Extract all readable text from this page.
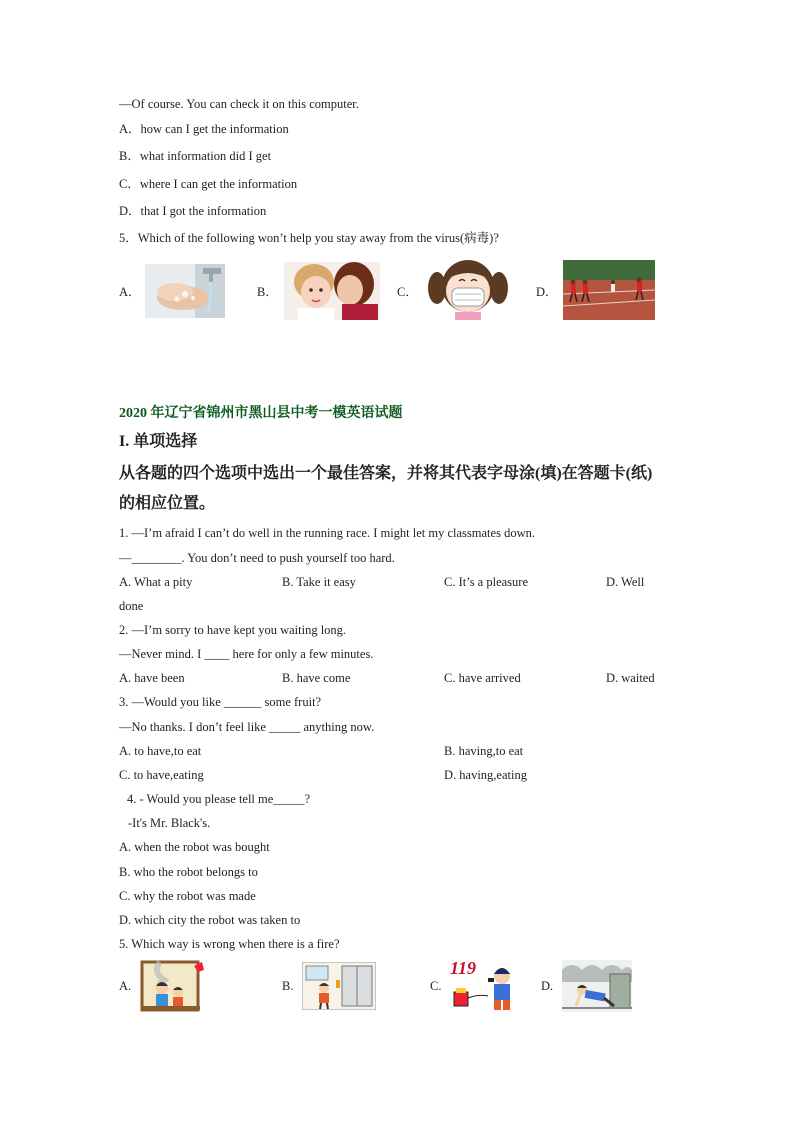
—Of course. You can check it on this computer.
A．how can I get the information
B．what information did I get
C．where I can get the information
D．that I got the information
5．Which of the following won’t help you stay away from the virus(病毒)?
A．	B．	C．	D．
2020 年辽宁省锦州市黑山县中考一模英语试题
I. 单项选择
从各题的四个选项中选出一个最佳答案，并将其代表字母涂(填)在答题卡(纸)
的相应位置。
1. —I’m afraid I can’t do well in the running race. I might let my classmates down.
—________. You don’t need to push yourself too hard.
A. What a pity	B. Take it easy	C. It’s a pleasure	D. Well
done
2. —I’m sorry to have kept you waiting long.
—Never mind. I ____ here for only a few minutes.
A. have been	B. have come	C. have arrived	D. waited
3. —Would you like ______ some fruit?
—No thanks. I don’t feel like _____ anything now.
A. to have,to eat	B. having,to eat
C. to have,eating	D. having,eating
4. - Would you please tell me_____?
-It's Mr. Black's.
A. when the robot was bought
B. who the robot belongs to
C. why the robot was made
D. which city the robot was taken to
5. Which way is wrong when there is a fire?
A.	B.	C.
119
D.
